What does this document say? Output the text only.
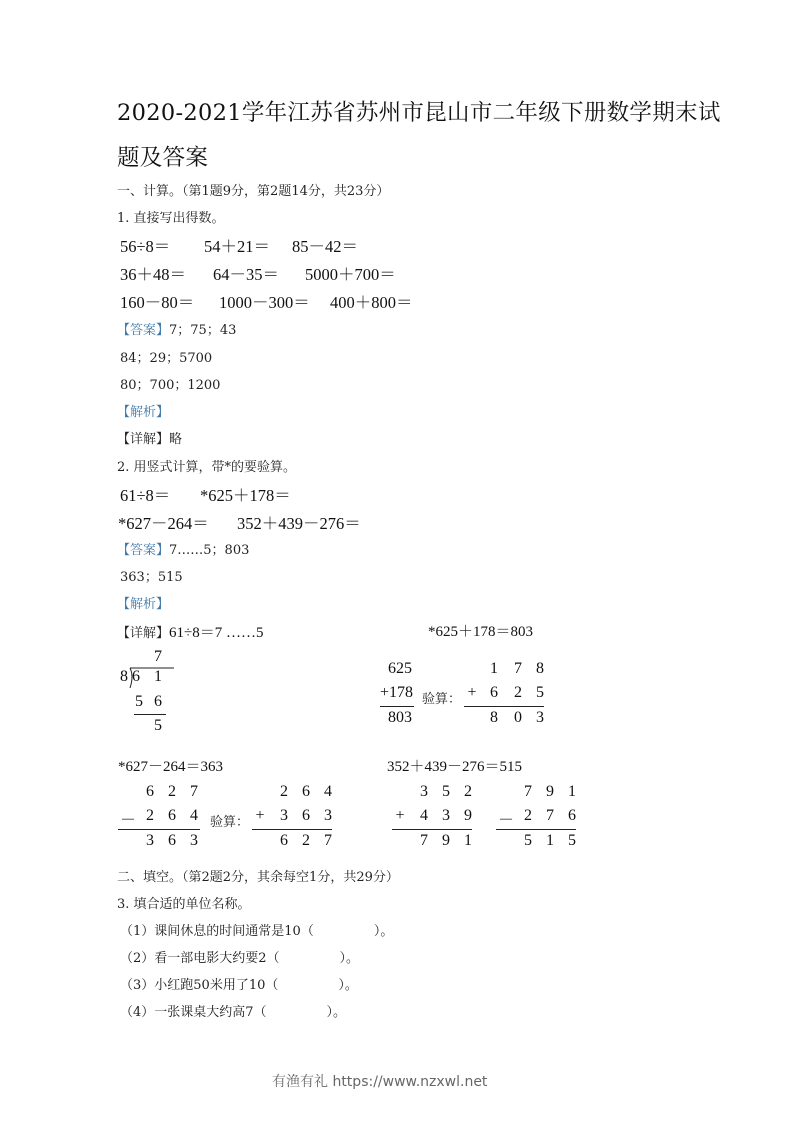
2020-2021学年江苏省苏州市昆山市二年级下册数学期末试
题及答案
一、计算。（第1题9分，第2题14分，共23分）
1. 直接写出得数。
56÷8＝ 54＋21＝ 85－42＝
36＋48＝ 64－35＝ 5000＋700＝
160－80＝ 1000－300＝ 400＋800＝
【答案】7；75；43
84；29；5700
80；700；1200
【解析】
【详解】略
2. 用竖式计算，带*的要验算。
61÷8＝ *625＋178＝
*627－264＝ 352＋439－276＝
【答案】7……5；803
363；515
【解析】
【详解】61÷8＝7 ……5	*625＋178＝803
7
8 6 1
5 6
5
625
+178
803
验算：
1 7 8
+ 6 2 5
8 0 3
*627－264＝363	352＋439－276＝515
6 2 7
－ 2 6 4
3 6 3
验算：
2 6 4
+ 3 6 3
6 2 7
3 5 2
+ 4 3 9
7 9 1
7 9 1
－ 2 7 6
5 1 5
二、填空。（第2题2分，其余每空1分，共29分）
3. 填合适的单位名称。
（1）课间休息的时间通常是10（	）。
（2）看一部电影大约要2（	）。
（3）小红跑50米用了10（	）。
（4）一张课桌大约高7（	）。
有渔有礼 https://www.nzxwl.net
